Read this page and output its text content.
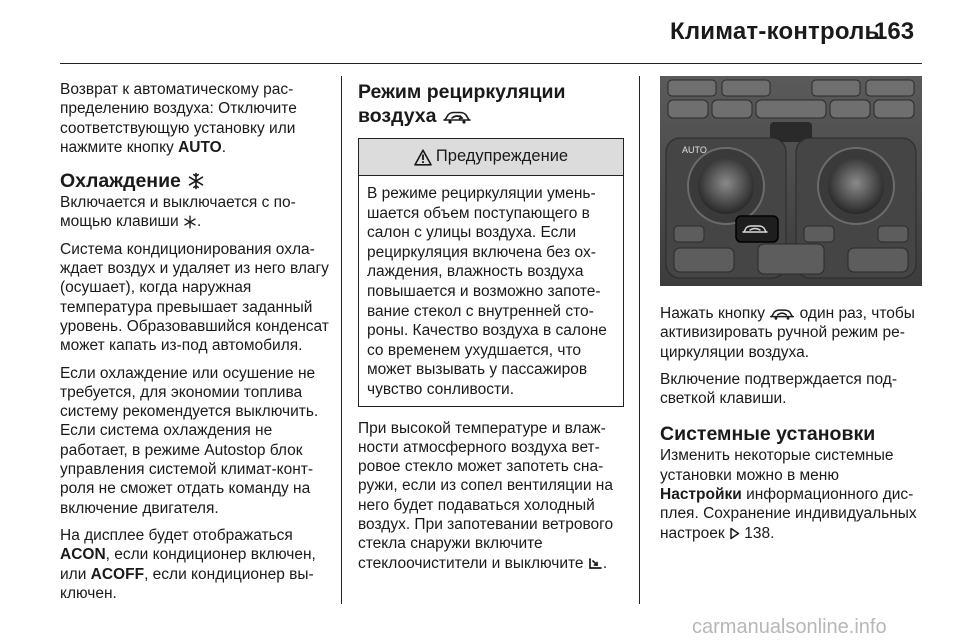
Климат-контроль
163

Возврат к автоматическому распределению воздуха: Отключите соответствующую установку или нажмите кнопку AUTO.

Охлаждение

Включается и выключается с помощью клавиши .

Система кондиционирования охлаждает воздух и удаляет из него влагу (осушает), когда наружная температура превышает заданный уровень. Образовавшийся конденсат может капать из-под автомобиля.

Если охлаждение или осушение не требуется, для экономии топлива систему рекомендуется выключить. Если система охлаждения не работает, в режиме Autostop блок управления системой климат-контроля не сможет отдать команду на включение двигателя.

На дисплее будет отображаться ACON, если кондиционер включен, или ACOFF, если кондиционер выключен.

Режим рециркуляции
воздуха
Предупреждение
В режиме рециркуляции уменьшается объем поступающего в салон с улицы воздуха. Если рециркуляция включена без охлаждения, влажность воздуха повышается и возможно запотевание стекол с внутренней стороны. Качество воздуха в салоне со временем ухудшается, что может вызывать у пассажиров чувство сонливости.

При высокой температуре и влажности атмосферного воздуха ветровое стекло может запотеть снаружи, если из сопел вентиляции на него будет подаваться холодный воздух. При запотевании ветрового стекла снаружи включите стеклоочистители и выключите .

AUTO

Нажать кнопку  один раз, чтобы активизировать ручной режим рециркуляции воздуха.

Включение подтверждается подсветкой клавиши.

Системные установки

Изменить некоторые системные установки можно в меню Настройки информационного дисплея. Сохранение индивидуальных настроек  138.

carmanualsonline.info
